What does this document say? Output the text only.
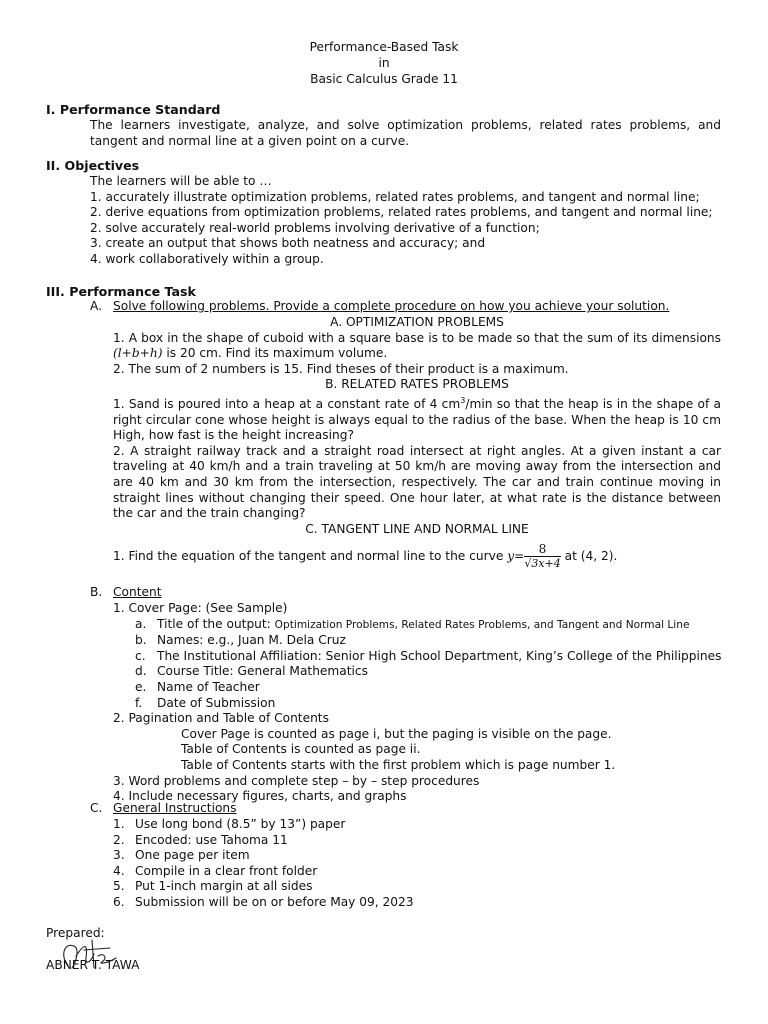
Performance-Based Task
in
Basic Calculus Grade 11
I. Performance Standard
The learners investigate, analyze, and solve optimization problems, related rates problems, and tangent and normal line at a given point on a curve.
II. Objectives
The learners will be able to …
1. accurately illustrate optimization problems, related rates problems, and tangent and normal line;
2. derive equations from optimization problems, related rates problems, and tangent and normal line;
2. solve accurately real-world problems involving derivative of a function;
3. create an output that shows both neatness and accuracy; and
4. work collaboratively within a group.
III. Performance Task
A. Solve following problems. Provide a complete procedure on how you achieve your solution.
A. OPTIMIZATION PROBLEMS
1. A box in the shape of cuboid with a square base is to be made so that the sum of its dimensions (l+b+h) is 20 cm. Find its maximum volume.
2. The sum of 2 numbers is 15. Find theses of their product is a maximum.
B. RELATED RATES PROBLEMS
1. Sand is poured into a heap at a constant rate of 4 $cm^3/\min$ so that the heap is in the shape of a right circular cone whose height is always equal to the radius of the base. When the heap is 10 cm High, how fast is the height increasing?
2. A straight railway track and a straight road intersect at right angles. At a given instant a car traveling at 40 km/h and a train traveling at 50 km/h are moving away from the intersection and are 40 km and 30 km from the intersection, respectively. The car and train continue moving in straight lines without changing their speed. One hour later, at what rate is the distance between the car and the train changing?
C. TANGENT LINE AND NORMAL LINE
1. Find the equation of the tangent and normal line to the curve $y= \frac{8}{√3x+4}$ at (4, 2).
B. Content
1. Cover Page: (See Sample)
a. Title of the output: Optimization Problems, Related Rates Problems, and Tangent and Normal Line
b. Names: e.g., Juan M. Dela Cruz
c. The Institutional Affiliation: Senior High School Department, King’s College of the Philippines
d. Course Title: General Mathematics
e. Name of Teacher
f. Date of Submission
2. Pagination and Table of Contents
Cover Page is counted as page i, but the paging is visible on the page.
Table of Contents is counted as page ii.
Table of Contents starts with the first problem which is page number 1.
3. Word problems and complete step – by – step procedures
4. Include necessary figures, charts, and graphs
C. General Instructions
1. Use long bond (8.5” by 13”) paper
2. Encoded: use Tahoma 11
3. One page per item
4. Compile in a clear front folder
5. Put 1-inch margin at all sides
6. Submission will be on or before May 09, 2023
Prepared:
ABNER T. TAWA
